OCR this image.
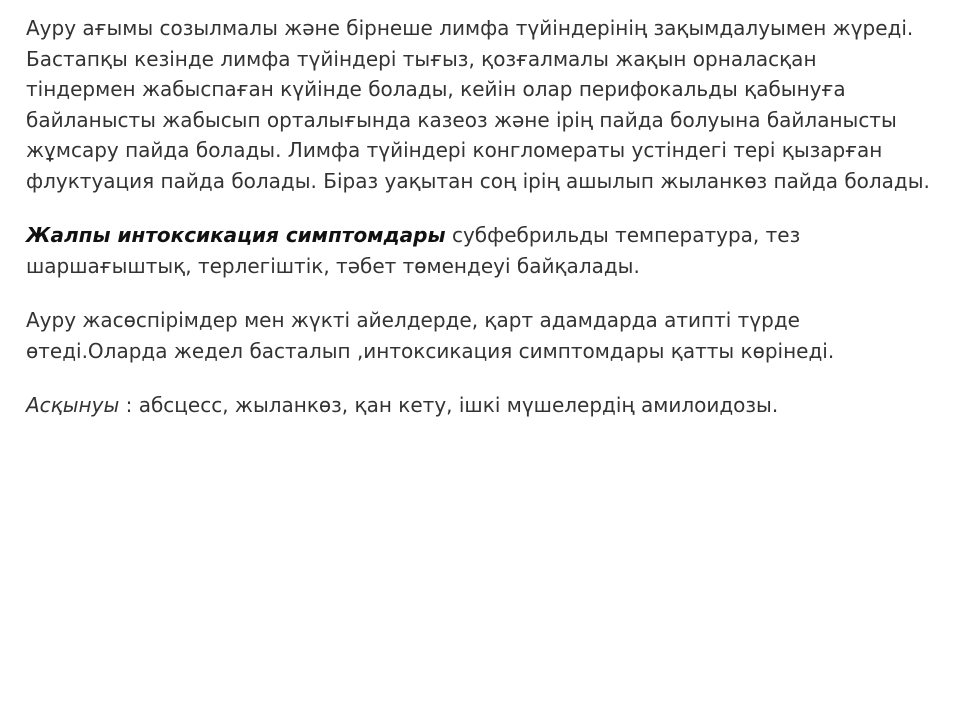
Ауру ағымы созылмалы және бірнеше лимфа түйіндерінің зақымдалуымен жүреді. Бастапқы кезінде лимфа түйіндері тығыз, қозғалмалы жақын орналасқан тіндермен жабыспаған күйінде болады, кейін олар перифокальды қабынуға байланысты жабысып орталығында казеоз және ірің пайда болуына байланысты жұмсару пайда болады. Лимфа түйіндері конгломераты устіндегі тері қызарған флуктуация пайда болады. Біраз уақытан соң ірің ашылып жыланкөз пайда болады.

Жалпы интоксикация симптомдары субфебрильды температура, тез шаршағыштық, терлегіштік, тәбет төмендеуі байқалады.

Ауру жасөспірімдер мен жүкті айелдерде, қарт адамдарда атипті түрде өтеді.Оларда жедел басталып ,интоксикация симптомдары қатты көрінеді.

Асқынуы : абсцесс, жыланкөз, қан кету, ішкі мүшелердің амилоидозы.
